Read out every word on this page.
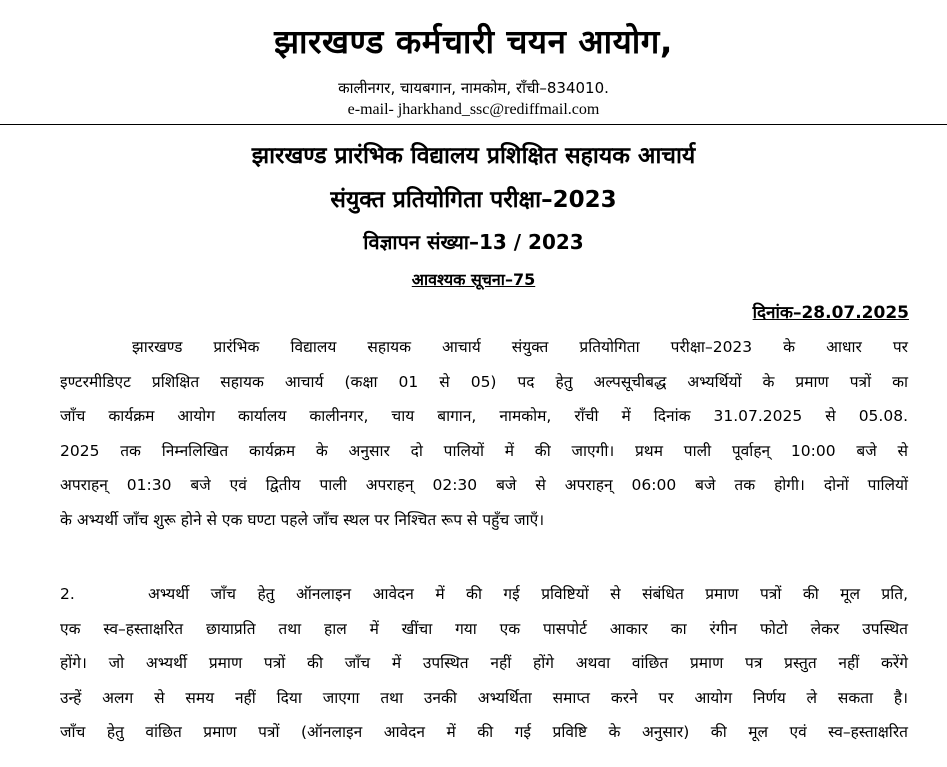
झारखण्ड कर्मचारी चयन आयोग,
कालीनगर, चायबगान, नामकोम, राँची–834010.
e-mail- jharkhand_ssc@rediffmail.com
झारखण्ड प्रारंभिक विद्यालय प्रशिक्षित सहायक आचार्य
संयुक्त प्रतियोगिता परीक्षा–2023
विज्ञापन संख्या–13 / 2023
आवश्यक सूचना–75
दिनांक–28.07.2025
झारखण्ड प्रारंभिक विद्यालय सहायक आचार्य संयुक्त प्रतियोगिता परीक्षा–2023 के आधार पर
इण्टरमीडिएट प्रशिक्षित सहायक आचार्य (कक्षा 01 से 05) पद हेतु अल्पसूचीबद्ध अभ्यर्थियों के प्रमाण पत्रों का
जाँच कार्यक्रम आयोग कार्यालय कालीनगर, चाय बागान, नामकोम, राँची में दिनांक 31.07.2025 से 05.08.
2025 तक निम्नलिखित कार्यक्रम के अनुसार दो पालियों में की जाएगी। प्रथम पाली पूर्वाहन् 10:00 बजे से
अपराहन् 01:30 बजे एवं द्वितीय पाली अपराहन् 02:30 बजे से अपराहन् 06:00 बजे तक होगी। दोनों पालियों
के अभ्यर्थी जाँच शुरू होने से एक घण्टा पहले जाँच स्थल पर निश्चित रूप से पहुँच जाएँ।
2.	अभ्यर्थी जाँच हेतु ऑनलाइन आवेदन में की गई प्रविष्टियों से संबंधित प्रमाण पत्रों की मूल प्रति,
एक स्व–हस्ताक्षरित छायाप्रति तथा हाल में खींचा गया एक पासपोर्ट आकार का रंगीन फोटो लेकर उपस्थित
होंगे। जो अभ्यर्थी प्रमाण पत्रों की जाँच में उपस्थित नहीं होंगे अथवा वांछित प्रमाण पत्र प्रस्तुत नहीं करेंगे
उन्हें अलग से समय नहीं दिया जाएगा तथा उनकी अभ्यर्थिता समाप्त करने पर आयोग निर्णय ले सकता है।
जाँच हेतु वांछित प्रमाण पत्रों (ऑनलाइन आवेदन में की गई प्रविष्टि के अनुसार) की मूल एवं स्व–हस्ताक्षरित
